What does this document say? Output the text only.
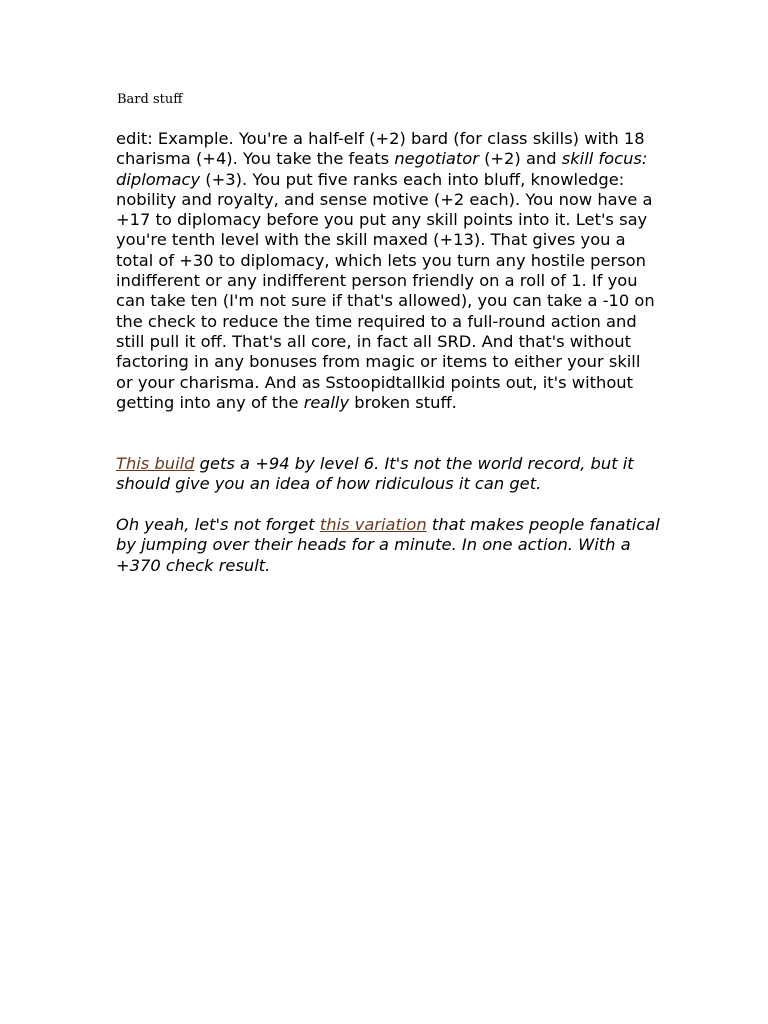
Bard stuff

edit: Example. You're a half-elf (+2) bard (for class skills) with 18 charisma (+4). You take the feats negotiator (+2) and skill focus: diplomacy (+3). You put five ranks each into bluff, knowledge: nobility and royalty, and sense motive (+2 each). You now have a +17 to diplomacy before you put any skill points into it. Let's say you're tenth level with the skill maxed (+13). That gives you a total of +30 to diplomacy, which lets you turn any hostile person indifferent or any indifferent person friendly on a roll of 1. If you can take ten (I'm not sure if that's allowed), you can take a -10 on the check to reduce the time required to a full-round action and still pull it off. That's all core, in fact all SRD. And that's without factoring in any bonuses from magic or items to either your skill or your charisma. And as Sstoopidtallkid points out, it's without getting into any of the really broken stuff.

This build gets a +94 by level 6. It's not the world record, but it should give you an idea of how ridiculous it can get.

Oh yeah, let's not forget this variation that makes people fanatical by jumping over their heads for a minute. In one action. With a +370 check result.
